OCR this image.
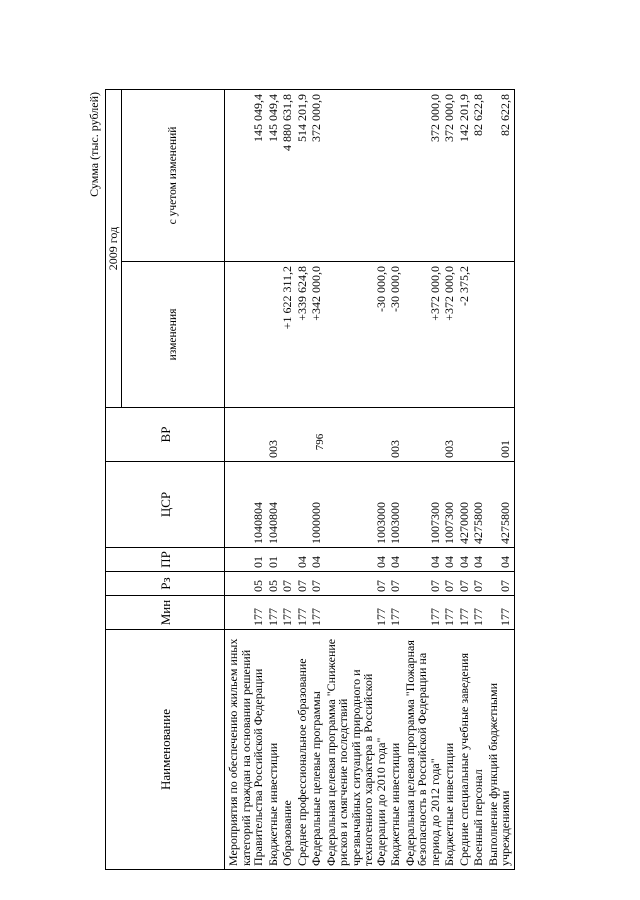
796
Сумма (тыс. рублей)
Наименование	Мин	Рз	ПР	ЦСР	ВР	2009 год	
						изменения	с учетом изменений
Мероприятия по обеспечению жильем иных категорий граждан на основании решений Правительства Российской Федерации	177	05	01	1040804			145 049,4
Бюджетные инвестиции	177	05	01	1040804	003		145 049,4
Образование	177	07				+1 622 311,2	4 880 631,8
Среднее профессиональное образование	177	07	04			+339 624,8	514 201,9
Федеральные целевые программы	177	07	04	1000000		+342 000,0	372 000,0
Федеральная целевая программа "Снижение рисков и смягчение последствий чрезвычайных ситуаций природного и техногенного характера в Российской Федерации до 2010 года"	177	07	04	1003000		-30 000,0	
Бюджетные инвестиции	177	07	04	1003000	003	-30 000,0	
Федеральная целевая программа "Пожарная безопасность в Российской Федерации на период до 2012 года"	177	07	04	1007300		+372 000,0	372 000,0
Бюджетные инвестиции	177	07	04	1007300	003	+372 000,0	372 000,0
Средние специальные учебные заведения	177	07	04	4270000		-2 375,2	142 201,9
Военный персонал	177	07	04	4275800			82 622,8
Выполнение функций бюджетными учреждениями	177	07	04	4275800	001		82 622,8
